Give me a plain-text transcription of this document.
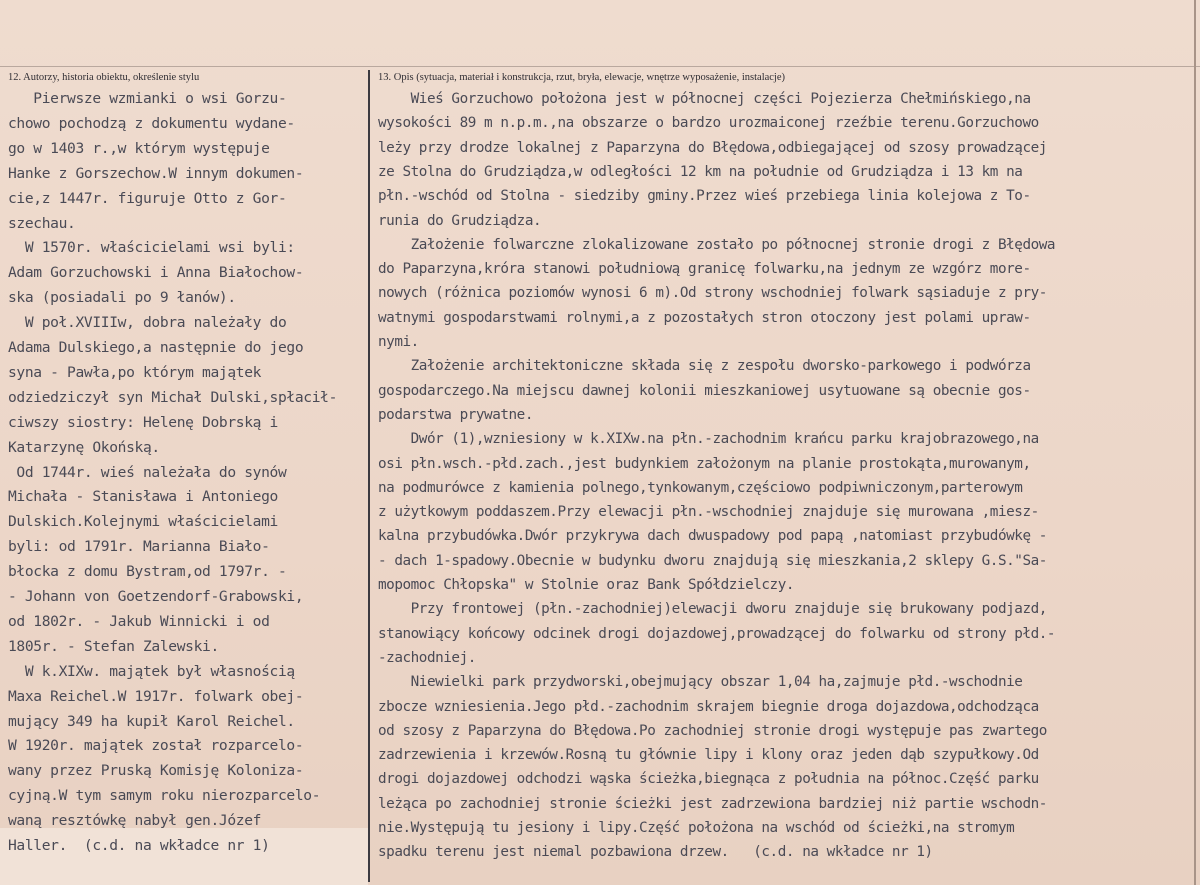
12. Autorzy, historia obiektu, określenie stylu	13. Opis (sytuacja, materiał i konstrukcja, rzut, bryła, elewacje, wnętrze wyposażenie, instalacje)
Pierwsze wzmianki o wsi Gorzu-
chowo pochodzą z dokumentu wydane-
go w 1403 r.,w którym występuje
Hanke z Gorszechow.W innym dokumen-
cie,z 1447r. figuruje Otto z Gor-
szechau.
W 1570r. właścicielami wsi byli:
Adam Gorzuchowski i Anna Białochow-
ska (posiadali po 9 łanów).
W poł.XVIIIw, dobra należały do
Adama Dulskiego,a następnie do jego
syna - Pawła,po którym majątek
odziedziczył syn Michał Dulski,spłacił-
ciwszy siostry: Helenę Dobrską i
Katarzynę Okońską.
Od 1744r. wieś należała do synów
Michała - Stanisława i Antoniego
Dulskich.Kolejnymi właścicielami
byli: od 1791r. Marianna Biało-
błocka z domu Bystram,od 1797r. -
- Johann von Goetzendorf-Grabowski,
od 1802r. - Jakub Winnicki i od
1805r. - Stefan Zalewski.
W k.XIXw. majątek był własnością
Maxa Reichel.W 1917r. folwark obej-
mujący 349 ha kupił Karol Reichel.
W 1920r. majątek został rozparcelo-
wany przez Pruską Komisję Koloniza-
cyjną.W tym samym roku nierozparcelo-
waną resztówkę nabył gen.Józef
Haller.  (c.d. na wkładce nr 1)
Wieś Gorzuchowo położona jest w północnej części Pojezierza Chełmińskiego,na
wysokości 89 m n.p.m.,na obszarze o bardzo urozmaiconej rzeźbie terenu.Gorzuchowo
leży przy drodze lokalnej z Paparzyna do Błędowa,odbiegającej od szosy prowadzącej
ze Stolna do Grudziądza,w odległości 12 km na południe od Grudziądza i 13 km na
płn.-wschód od Stolna - siedziby gminy.Przez wieś przebiega linia kolejowa z To-
runia do Grudziądza.
Założenie folwarczne zlokalizowane zostało po północnej stronie drogi z Błędowa
do Paparzyna,króra stanowi południową granicę folwarku,na jednym ze wzgórz more-
nowych (różnica poziomów wynosi 6 m).Od strony wschodniej folwark sąsiaduje z pry-
watnymi gospodarstwami rolnymi,a z pozostałych stron otoczony jest polami upraw-
nymi.
Założenie architektoniczne składa się z zespołu dworsko-parkowego i podwórza
gospodarczego.Na miejscu dawnej kolonii mieszkaniowej usytuowane są obecnie gos-
podarstwa prywatne.
Dwór (1),wzniesiony w k.XIXw.na płn.-zachodnim krańcu parku krajobrazowego,na
osi płn.wsch.-płd.zach.,jest budynkiem założonym na planie prostokąta,murowanym,
na podmurówce z kamienia polnego,tynkowanym,częściowo podpiwniczonym,parterowym
z użytkowym poddaszem.Przy elewacji płn.-wschodniej znajduje się murowana ,miesz-
kalna przybudówka.Dwór przykrywa dach dwuspadowy pod papą ,natomiast przybudówkę -
- dach 1-spadowy.Obecnie w budynku dworu znajdują się mieszkania,2 sklepy G.S."Sa-
mopomoc Chłopska" w Stolnie oraz Bank Spółdzielczy.
Przy frontowej (płn.-zachodniej)elewacji dworu znajduje się brukowany podjazd,
stanowiący końcowy odcinek drogi dojazdowej,prowadzącej do folwarku od strony płd.-
-zachodniej.
Niewielki park przydworski,obejmujący obszar 1,04 ha,zajmuje płd.-wschodnie
zbocze wzniesienia.Jego płd.-zachodnim skrajem biegnie droga dojazdowa,odchodząca
od szosy z Paparzyna do Błędowa.Po zachodniej stronie drogi występuje pas zwartego
zadrzewienia i krzewów.Rosną tu głównie lipy i klony oraz jeden dąb szypułkowy.Od
drogi dojazdowej odchodzi wąska ścieżka,biegnąca z południa na północ.Część parku
leżąca po zachodniej stronie ścieżki jest zadrzewiona bardziej niż partie wschodn-
nie.Występują tu jesiony i lipy.Część położona na wschód od ścieżki,na stromym
spadku terenu jest niemal pozbawiona drzew.   (c.d. na wkładce nr 1)
